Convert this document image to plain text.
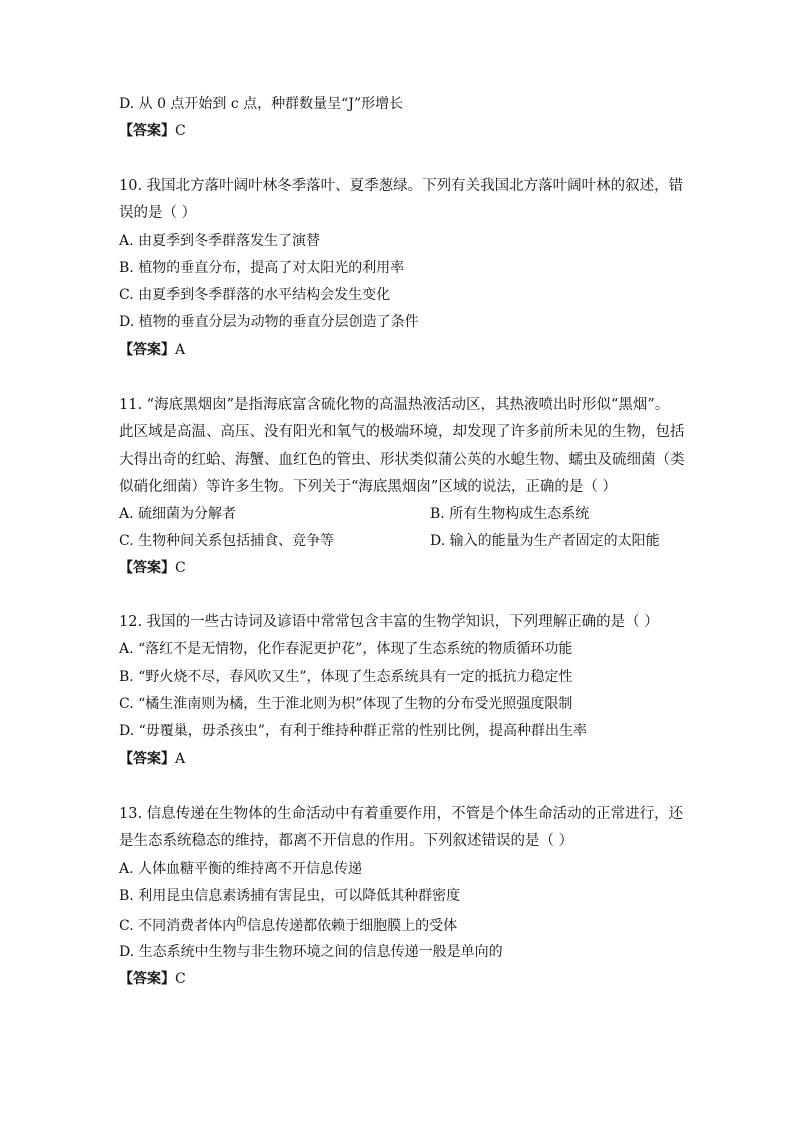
D. 从 0 点开始到 c 点，种群数量呈“J”形增长
【答案】C
10. 我国北方落叶阔叶林冬季落叶、夏季葱绿。下列有关我国北方落叶阔叶林的叙述，错
误的是（ ）
A. 由夏季到冬季群落发生了演替
B. 植物的垂直分布，提高了对太阳光的利用率
C. 由夏季到冬季群落的水平结构会发生变化
D. 植物的垂直分层为动物的垂直分层创造了条件
【答案】A
11. “海底黑烟囱”是指海底富含硫化物的高温热液活动区，其热液喷出时形似“黑烟”。
此区域是高温、高压、没有阳光和氧气的极端环境，却发现了许多前所未见的生物，包括
大得出奇的红蛤、海蟹、血红色的管虫、形状类似蒲公英的水螅生物、蠕虫及硫细菌（类
似硝化细菌）等许多生物。下列关于“海底黑烟囱”区域的说法，正确的是（ ）
A. 硫细菌为分解者	B. 所有生物构成生态系统
C. 生物种间关系包括捕食、竞争等	D. 输入的能量为生产者固定的太阳能
【答案】C
12. 我国的一些古诗词及谚语中常常包含丰富的生物学知识，下列理解正确的是（ ）
A. “落红不是无情物，化作春泥更护花”，体现了生态系统的物质循环功能
B. “野火烧不尽，春风吹又生”，体现了生态系统具有一定的抵抗力稳定性
C. “橘生淮南则为橘，生于淮北则为枳”体现了生物的分布受光照强度限制
D. “毋覆巢，毋杀孩虫”，有利于维持种群正常的性别比例，提高种群出生率
【答案】A
13. 信息传递在生物体的生命活动中有着重要作用，不管是个体生命活动的正常进行，还
是生态系统稳态的维持，都离不开信息的作用。下列叙述错误的是（ ）
A. 人体血糖平衡的维持离不开信息传递
B. 利用昆虫信息素诱捕有害昆虫，可以降低其种群密度
C. 不同消费者体内$^的$信息传递都依赖于细胞膜上的受体
D. 生态系统中生物与非生物环境之间的信息传递一般是单向的
【答案】C
